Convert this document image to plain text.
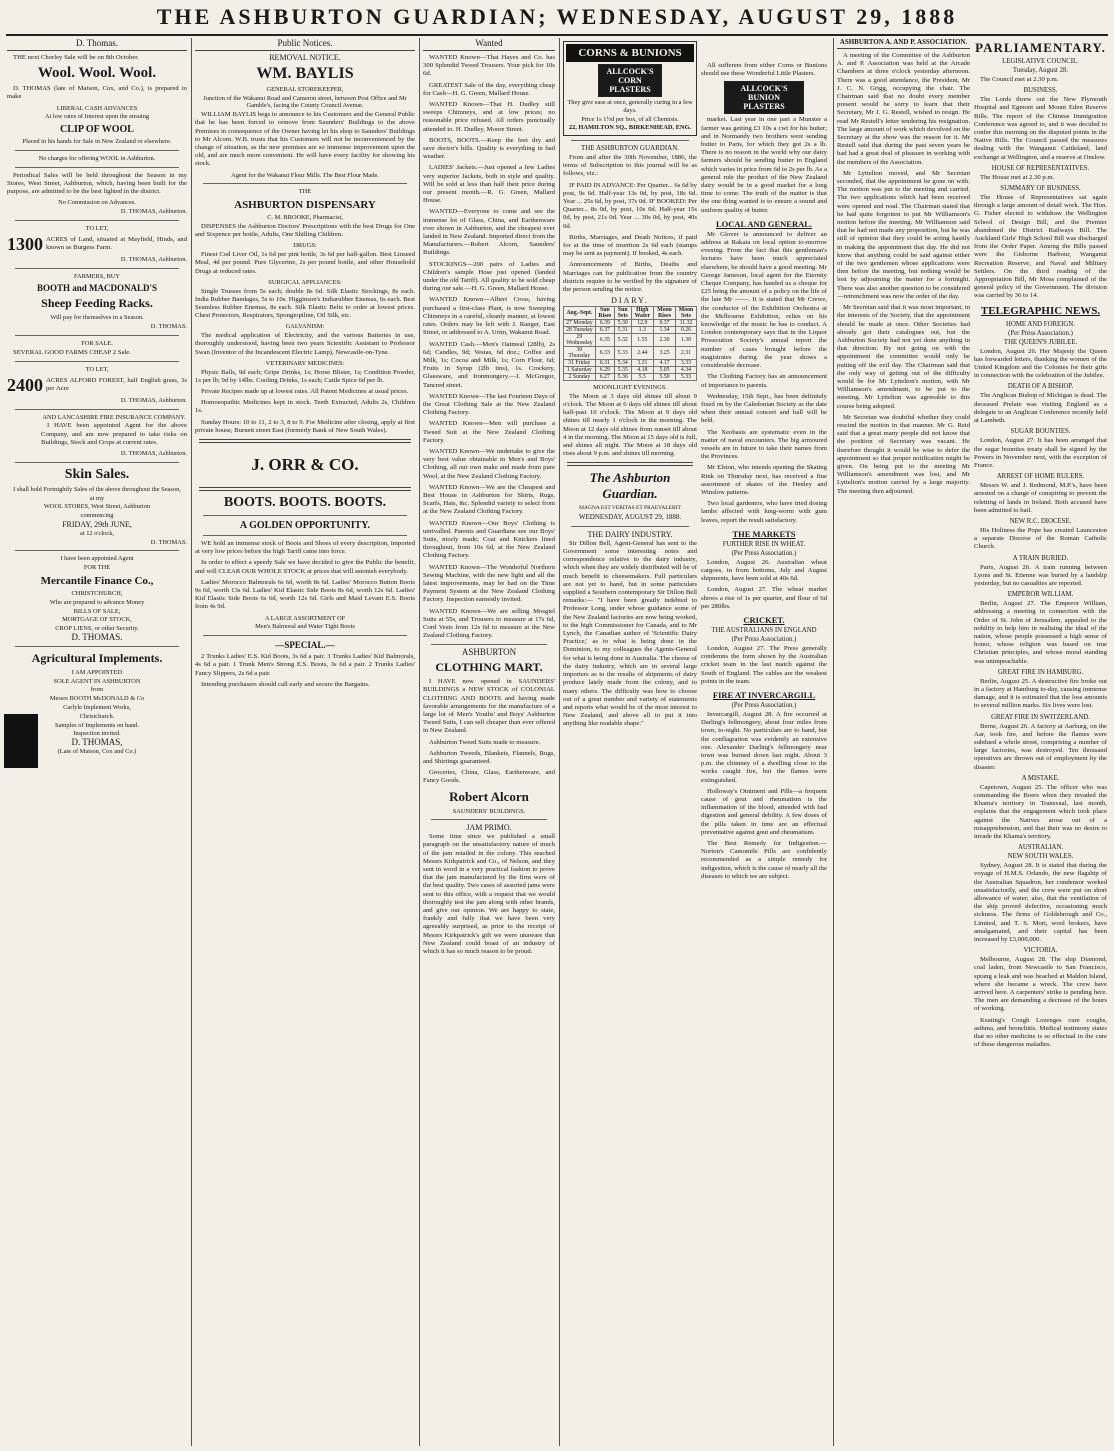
THE ASHBURTON GUARDIAN; WEDNESDAY, AUGUST 29, 1888
D. Thomas.
THE next Chorley Sale will be on 8th October.
Wool. Wool. Wool.
D. THOMAS (late of Matson, Cox, and Co.), is prepared to make
LIBERAL CASH ADVANCES
At low rates of Interest upon the ensuing
CLIP OF WOOL
Placed in his hands for Sale in New Zealand or elsewhere.
No charges for offering WOOL in Ashburton.
Periodical Sales will be held throughout the Season in my Stores, West Street, Ashburton, which, having been built for the purpose, are admitted to be the best lighted in the district.
No Commission on Advances.
D. THOMAS, Ashburton.
TO LET,
1300 ACRES of Land, situated at Mayfield, Hinds, and known as Burgess Farm.
D. THOMAS, Ashburton.
FARMERS, BUY
BOOTH and MACDONALD'S
Sheep Feeding Racks.
Will pay for themselves in a Season.
D. THOMAS.
FOR SALE.
SEVERAL GOOD FARMS CHEAP 2 Sale.
TO LET,
2400 ACRES ALFORD FOREST, half English grass, 3s per Acre
D. THOMAS, Ashburton.
AND LANCASHIRE FIRE INSURANCE COMPANY.
I HAVE been appointed Agent for the above Company, and am now prepared to take risks on Buildings, Stock and Crops at current rates.
D. THOMAS, Ashburton.
Skin Sales.
I shall hold Fortnightly Sales of the above throughout the Season,
at my
WOOL STORES, West Street, Ashburton
commencing
FRIDAY, 29th JUNE,
at 12 o'clock,
D. THOMAS.
I have been appointed Agent
FOR THE
Mercantile Finance Co.,
CHRISTCHURCH,
Who are prepared to advance Money
BILLS OF SALE,
MORTGAGE OF STOCK,
CROP LIENS, or other Security.
D. THOMAS.
Agricultural Implements.
I AM APPOINTED
SOLE AGENT IN ASHBURTON
from
Messrs BOOTH McDONALD & Co
Carlyle Implement Works,
Christchurch.
Samples of Implements on hand.
Inspection invited.
D. THOMAS,
(Late of Matson, Cox and Co.)
Public Notices.
REMOVAL NOTICE.
WM. BAYLIS
GENERAL STOREKEEPER,
Junction of the Wakanui Road and Cameron street, between Post Office and Mr Gamble's, facing the County Council Avenue.
WILLIAM BAYLIS begs to announce to his Customers and the General Public that he has been forced to remove from Saunders' Buildings to the above Premises in consequence of the Owner having let his shop to Saunders' Buildings to Mr Alcorn. W.B. trusts that his Customers will not be inconvenienced by the change of situation, as the new premises are so immense improvement upon the old, and are much more convenient. He will have every facility for showing his stock.
Agent for the Wakanui Flour Mills. The Best Flour Made.
THE
ASHBURTON DISPENSARY
C. M. BROOKE, Pharmacist,
DISPENSES the Ashburton Doctors' Prescriptions with the best Drugs for One and Sixpence per bottle, Adults, One Shilling Children.
DRUGS:
Finest Cod Liver Oil, 1s 6d per pint bottle, 3s 6d per half-gallon. Best Linseed Meal, 4d per pound. Pure Glycerine, 2s per pound bottle, and other Household Drugs at reduced rates.
SURGICAL APPLIANCES:
Single Trusses from 5s each; double 8s 6d. Silk Elastic Stockings, 8s each. India Rubber Bandages, 5s to 10s. Higginson's Indiarubber Enemas, 6s each. Best Seamless Rubber Enemas, 8s each. Silk Elastic Belts to order at lowest prices. Chest Protectors, Respirators, Spongiopiline, Oil Silk, etc.
GALVANISM:
The medical application of Electricity, and the various Batteries in use, thoroughly understood, having been two years Scientific Assistant to Professor Swan (Inventor of the Incandescent Electric Lamp), Newcastle-on-Tyne.
VETERINARY MEDICINES:
Physic Balls, 9d each; Gripe Drinks, 1s; Horse Blister, 1s; Condition Powder, 1s per lb; 9d by 14lbs. Cooling Drinks, 1s each; Cattle Spice 6d per lb.
Private Recipes made up at lowest rates. All Patent Medicines at usual prices.
Homoeopathic Medicines kept in stock. Teeth Extracted, Adults 2s, Children 1s.
Sunday Hours: 10 to 11, 2 to 3, 8 to 9. For Medicine after closing, apply at first private house, Burnett street East (formerly Bank of New South Wales).
J. ORR & CO.
BOOTS. BOOTS. BOOTS.
A GOLDEN OPPORTUNITY.
WE hold an immense stock of Boots and Shoes of every description, imported at very low prices before the high Tariff came into force.
In order to effect a speedy Sale we have decided to give the Public the benefit, and will CLEAR OUR WHOLE STOCK at prices that will astonish everybody.
Ladies' Morocco Balmorals 6s 6d, worth 8s 6d. Ladies' Morocco Button Boots 9s 6d, worth 13s 6d. Ladies' Kid Elastic Side Boots 8s 6d, worth 12s 6d. Ladies' Kid Elastic Side Boots 6s 6d, worth 12s 6d. Girls and Maid Levant E.S. Boots from 4s 9d.
A LARGE ASSORTMENT OF
Men's Balmoral and Water Tight Boots
—SPECIAL.—
2 Trunks Ladies' E.S. Kid Boots, 3s 6d a pair. 3 Trunks Ladies' Kid Balmorals, 4s 6d a pair. 1 Trunk Men's Strong E.S. Boots, 3s 6d a pair. 2 Trunks Ladies' Fancy Slippers, 2s 6d a pair.
Intending purchasers should call early and secure the Bargains.
Wanted
WANTED Known—That Hayes and Co. has 300 Splendid Tweed Trousers. Your pick for 10s 6d.
GREATEST Sale of the day, everything cheap for Cash—H. G. Green, Mallard House.
WANTED Known—That H. Dudley still sweeps Chimneys, and at low prices; no reasonable price refused. All orders punctually attended to. H. Dudley, Moore Street.
BOOTS, BOOTS.—Keep the feet dry and save doctor's bills. Quality is everything in bad weather.
LADIES' Jackets.—Just opened a few Ladies very superior Jackets, both in style and quality. Will be sold at less than half their price during our present month.—R. G. Green, Mallard House.
WANTED—Everyone to come and see the immense lot of Glass, China, and Earthenware ever shown in Ashburton, and the cheapest ever landed in New Zealand. Imported direct from the Manufacturers.—Robert Alcorn, Saunders' Buildings.
STOCKINGS—200 pairs of Ladies and Children's sample Hose just opened (landed under the old Tariff). All quality to be sold cheap during our sale.—H. G. Green, Mallard House.
WANTED Known—Albert Cross, having purchased a first-class Plant, is now Sweeping Chimneys in a careful, cleanly manner, at lowest rates. Orders may be left with J. Ranger, East Street, or addressed to A. Urim, Wakanui Road.
WANTED Cash.—Men's Oatmeal (28lb), 2s 6d; Candles, 9d; Vestas, 6d doz.; Coffee and Milk, 1s; Cocoa and Milk, 1s; Corn Flour, 6d; Fruits in Syrup (2lb tins), 1s. Crockery, Glassware, and Ironmongery.—J. McGregor, Tancred street.
WANTED Known—The last Fourteen Days of the Great Clothing Sale at the New Zealand Clothing Factory.
WANTED Known—Men will purchase a Tweed Suit at the New Zealand Clothing Factory.
WANTED Known—We undertake to give the very best value obtainable in Men's and Boys' Clothing, all our own make and made from pure Wool, at the New Zealand Clothing Factory.
WANTED Known—We are the Cheapest and Best House in Ashburton for Shirts, Rugs, Scarfs, Hats, &c. Splendid variety to select from at the New Zealand Clothing Factory.
WANTED Known—Our Boys' Clothing is unrivalled. Parents and Guardians see our Boys' Suits, nicely made; Coat and Knickers lined throughout, from 10s 6d, at the New Zealand Clothing Factory.
WANTED Known—The Wonderful Northern Sewing Machine, with the new light and all the latest improvements, may be had on the Time Payment System at the New Zealand Clothing Factory. Inspection earnestly invited.
WANTED Known—We are selling Mosgiel Suits at 55s, and Trousers to measure at 17s 6d, Cord Vests from 12s 6d to measure at the New Zealand Clothing Factory.
ASHBURTON
CLOTHING MART.
I HAVE now opened in SAUNDERS' BUILDINGS a NEW STOCK of COLONIAL CLOTHING AND BOOTS and having made favorable arrangements for the manufacture of a large lot of Men's Youths' and Boys' Ashburton Tweed Suits, I can sell cheaper than ever offered in New Zealand.
Ashburton Tweed Suits made to measure.
Ashburton Tweeds, Blankets, Flannels, Rugs, and Shirtings guaranteed.
Groceries, China, Glass, Earthenware, and Fancy Goods.
Robert Alcorn
SAUNDERS' BUILDINGS.
JAM PRIMO.
Some time since we published a small paragraph on the unsatisfactory nature of much of the jam retailed in the colony. This reached Messrs Kirkpatrick and Co., of Nelson, and they sent in word in a very practical fashion to prove that the jam manufactured by the firm were of the best quality. Two cases of assorted jams were sent to this office, with a request that we would thoroughly test the jam along with other brands, and give our opinion. We are happy to state, frankly and fully that we have been very agreeably surprised, as prior to the receipt of Messrs Kirkpatrick's gift we were unaware that New Zealand could boast of an industry of which it has so much reason to be proud.
CORNS & BUNIONS
ALLCOCK'S CORN PLASTERS
They give ease at once, generally curing in a few days.
Price 1s 1½d per box, of all Chemists.
22, HAMILTON SQ., BIRKENHEAD, ENG.
THE ASHBURTON GUARDIAN.
From and after the 30th November, 1886, the terms of Subscription to this journal will be as follows, viz.:
IF PAID IN ADVANCE: Per Quarter... 6s 6d by post, 9s 6d. Half-year 13s 0d, by post, 18s 6d. Year ... 25s 6d, by post, 37s 0d. IF BOOKED: Per Quarter... 8s 0d, by post, 10s 0d. Half-year 15s 0d, by post, 21s 0d. Year ... 30s 0d, by post, 40s 0d.
Births, Marriages, and Death Notices, if paid for at the time of insertion 2s 6d each (stamps may be sent as payment). If booked, 4s each.
Announcements of Births, Deaths and Marriages can for publication from the country districts require to be verified by the signature of the person sending the notice.
DIARY.
Aug.-Sept.	Sun Rises	Sun Sets	High Water	Moon Rises	Moon Sets
27 Monday	6.39	5.30	12.9	0.37	11.32
28 Tuesday	6.37	5.31	1.3	1.34	0.26
29 Wednesday	6.35	5.32	1.55	2.30	1.30
30 Thursday	6.33	5.33	2.44	3.25	2.31
31 Friday	6.31	5.34	3.31	4.17	3.33
1 Saturday	6.29	5.35	4.18	5.05	4.34
2 Sunday	6.27	5.36	5.5	5.50	5.33
MOONLIGHT EVENINGS.
The Moon at 3 days old shines till about 9 o'clock. The Moon at 6 days old shines till about half-past 10 o'clock. The Moon at 9 days old shines till nearly 1 o'clock in the morning. The Moon at 12 days old shines from sunset till about 4 in the morning. The Moon at 15 days old is full, and shines all night. The Moon at 18 days old rises about 9 p.m. and shines till morning.
The Ashburton Guardian.
MAGNA EST VERITAS ET PRAEVALEBIT
WEDNESDAY, AUGUST 29, 1888.
THE DAIRY INDUSTRY.
Sir Dillon Bell, Agent-General has sent to the Government some interesting notes and correspondence relative to the dairy industry, which when they are widely distributed will be of much benefit to cheesemakers. Full particulars are not yet to hand, but in some particulars supplied a Southern contemporary Sir Dillon Bell remarks:— "I have been greatly indebted to Professor Long, under whose guidance some of the New Zealand factories are now being worked, to the high Commissioner for Canada, and to Mr Lynch, the Canadian author of 'Scientific Dairy Practice,' as to what is being done in the Dominion, to my colleagues the Agents-General for what is being done in Australia. The cheese of the dairy industry, which are in several large importers as to the results of shipments of dairy produce lately made from the colony, and to many others. The difficulty was how to choose out of a great number and variety of statements and reports what would be of the most interest to New Zealand, and above all to put it into anything like readable shape."
All sufferers from either Corns or Bunions should use these Wonderful Little Plasters.
ALLCOCK'S BUNION PLASTERS
market. Last year in one part a Munster a farmer was getting £3 10s a cwt for his butter; and in Normandy two brothers were sending butter to Paris, for which they got 2s a lb. There is no reason in the world why our dairy farmers should be sending butter to England which varies in price from 6d to 2s per lb. As a general rule the product of the New Zealand dairy would be in a good market for a long time to come. The truth of the matter is that the one thing wanted is to ensure a sound and uniform quality of butter.
LOCAL AND GENERAL.
Mr Glover is announced to deliver an address at Rakaia on local option to-morrow evening. From the fact that this gentleman's lectures have been much appreciated elsewhere, he should have a good meeting. Mr George Jameson, local agent for the Eternity Cheque Company, has handed us a cheque for £25 being the amount of a policy on the life of the late Mr ——. It is stated that Mr Crewe, the conductor of the Exhibition Orchestra at the Melbourne Exhibition, relies on his knowledge of the music he has to conduct. A London contemporary says that in the Liquor Prosecution Society's annual report the number of cases brought before the magistrates during the year shows a considerable decrease.
The Clothing Factory has an announcement of importance to parents.
Wednesday, 15th Sept., has been definitely fixed on by the Caledonian Society as the date when their annual concert and ball will be held.
The Xeobasis are systematic even in the matter of naval encounters. The big armoured vessels are in future to take their names from the Provinces.
Mr Elston, who intends opening the Skating Rink on Thursday next, has received a fine assortment of skates of the Henley and Winslow patterns.
Two local gardeners, who have tried dosing lambs affected with lung-worm with gum leaves, report the result satisfactory.
THE MARKETS
FURTHER RISE IN WHEAT.
(Per Press Association.)
London, August 26. Australian wheat cargoes, in from bottoms, July and August shipments, have been sold at 40s 6d.
London, August 27. The wheat market shows a rise of 1s per quarter, and flour of 6d per 280lbs.
CRICKET.
THE AUSTRALIANS IN ENGLAND
(Per Press Association.)
London, August 27. The Press generally condemns the form shown by the Australian cricket team in the last match against the South of England. The cables are the weakest points in the team.
FIRE AT INVERCARGILL
(Per Press Association.)
Invercargill, August 28. A fire occurred at Darling's fellmongery, about four miles from town, to-night. No particulars are to hand, but the conflagration was evidently an extensive one. Alexander Darling's fellmongery near town was burned down last night. About 3 p.m. the chimney of a dwelling close to the works caught fire, but the flames were extinguished.
Holloway's Ointment and Pills—a frequent cause of gout and rheumatism is the inflammation of the blood, attended with bad digestion and general debility. A few doses of the pills taken in time are an effectual preventative against gout and rheumatism.
The Best Remedy for Indigestion.—Norton's Camomile Pills are confidently recommended as a simple remedy for indigestion, which is the cause of nearly all the diseases to which we are subject.
ASHBURTON A. AND P. ASSOCIATION.
A meeting of the Committee of the Ashburton A. and P. Association was held at the Arcade Chambers at three o'clock yesterday afternoon. There was a good attendance, the President, Mr J. C. N. Grigg, occupying the chair. The Chairman said that no doubt every member present would be sorry to learn that their Secretary, Mr J. G. Restell, wished to resign. He read Mr Restell's letter tendering his resignation. The large amount of work which devolved on the Secretary at the show was the reason for it. Mr Restell said that during the past seven years he had had a great deal of pleasure in working with the members of the Association.
Mr Lyttelton moved, and Mr Secretan seconded, that the appointment be gone on with. The motion was put to the meeting and carried. The two applications which had been received were opened and read. The Chairman stated that he had quite forgotten to put Mr Williamson's motion before the meeting. Mr Williamson said that he had not made any proposition, but he was still of opinion that they could be acting hastily in making the appointment that day. He did not know that anything could be said against either of the two gentlemen whose applications were then before the meeting, but nothing would be lost by adjourning the matter for a fortnight. There was also another question to be considered—retrenchment was now the order of the day.
Mr Secretan said that it was most important, in the interests of the Society, that the appointment should be made at once. Other Societies had already got their catalogues out, but the Ashburton Society had not yet done anything in that direction. By not going on with the appointment the committee would only be putting off the evil day. The Chairman said that the only way of getting out of the difficulty would be for Mr Lyttelton's motion, with Mr Williamson's amendment, to be put to the meeting. Mr Lyttelton was agreeable to this course being adopted.
Mr Secretan was doubtful whether they could rescind the motion in that manner. Mr G. Reid said that a great many people did not know that the position of Secretary was vacant. He therefore thought it would be wise to defer the appointment so that proper notification might be given. On being put to the meeting Mr Williamson's amendment was lost, and Mr Lyttelton's motion carried by a large majority. The meeting then adjourned.
PARLIAMENTARY.
LEGISLATIVE COUNCIL.
Tuesday, August 28.
The Council met at 2.30 p.m.
BUSINESS.
The Lords threw out the New Plymouth Hospital and Egmont and Mount Eden Reserve Bills. The report of the Chinese Immigration Conference was agreed to, and it was decided to confer this morning on the disputed points in the Native Bills. The Council passed the measures dealing with the Wanganui Cattleland, land exchange at Wellington, and a reserve at Onslow.
HOUSE OF REPRESENTATIVES.
The House met at 2.30 p.m.
SUMMARY OF BUSINESS.
The House of Representatives sat again through a large amount of detail work. The Hon. G. Fisher elected to withdraw the Wellington School of Design Bill, and the Premier abandoned the District Railways Bill. The Auckland Girls' High School Bill was discharged from the Order Paper. Among the Bills passed were the Gisborne Harbour, Wanganui Recreation Reserve, and Naval and Military Settlers. On the third reading of the Appropriation Bill, Mr Moss complained of the general policy of the Government. The division was carried by 36 to 14.
TELEGRAPHIC NEWS.
HOME AND FOREIGN.
(Per Press Association.)
THE QUEEN'S JUBILEE.
London, August 26. Her Majesty the Queen has forwarded letters, thanking the women of the United Kingdom and the Colonies for their gifts in connection with the celebration of the Jubilee.
DEATH OF A BISHOP.
The Anglican Bishop of Michigan is dead. The deceased Prelate was visiting England as a delegate to an Anglican Conference recently held at Lambeth.
SUGAR BOUNTIES.
London, August 27. It has been arranged that the sugar bounties treaty shall be signed by the Powers in November next, with the exception of France.
ARREST OF HOME RULERS.
Messrs W. and J. Redmond, M.P.'s, have been arrested on a charge of conspiring to prevent the reletting of lands in Ireland. Both accused have been admitted to bail.
NEW R.C. DIOCESE.
His Holiness the Pope has created Launceston a separate Diocese of the Roman Catholic Church.
A TRAIN BURIED.
Paris, August 26. A train running between Lyons and St. Etienne was buried by a landslip yesterday, but no casualties are reported.
EMPEROR WILLIAM.
Berlin, August 27. The Emperor William, addressing a meeting in connection with the Order of St. John of Jerusalem, appealed to the nobility to help him in realising the ideal of the nation, whose people possessed a high sense of honor, whose religion was based on true Christian principles, and whose moral standing was unimpeachable.
GREAT FIRE IN HAMBURG.
Berlin, August 25. A destructive fire broke out in a factory at Hamburg to-day, causing immense damage, and it is estimated that the loss amounts to several million marks. Six lives were lost.
GREAT FIRE IN SWITZERLAND.
Berne, August 26. A factory at Aarburg, on the Aar, took fire, and before the flames were subdued a whole street, comprising a number of large factories, was destroyed. Ten thousand operatives are thrown out of employment by the disaster.
A MISTAKE.
Capetown, August 25. The officer who was commanding the Boers when they invaded the Khama's territory in Transvaal, last month, explains that the engagement which took place against the Natives arose out of a misapprehension, and that their was no desire to invade the Khama's territory.
AUSTRALIAN.
NEW SOUTH WALES.
Sydney, August 28. It is stated that during the voyage of H.M.S. Orlando, the new flagship of the Australian Squadron, her condensor worked unsatisfactorily, and the crew were put on short allowance of water; also, that the ventilation of the ship proved defective, occasioning much sickness. The firms of Goldsbrough and Co., Limited, and T. S. Mort, wool brokers, have amalgamated, and their capital has been increased by £3,000,000.
VICTORIA.
Melbourne, August 28. The ship Diamond, coal laden, from Newcastle to San Francisco, sprang a leak and was beached at Maldon Island, where she became a wreck. The crew have arrived here. A carpenters' strike is pending here. The men are demanding a decrease of the hours of working.
Keating's Cough Lozenges cure coughs, asthma, and bronchitis. Medical testimony states that no other medicine is so effectual in the cure of these dangerous maladies.
